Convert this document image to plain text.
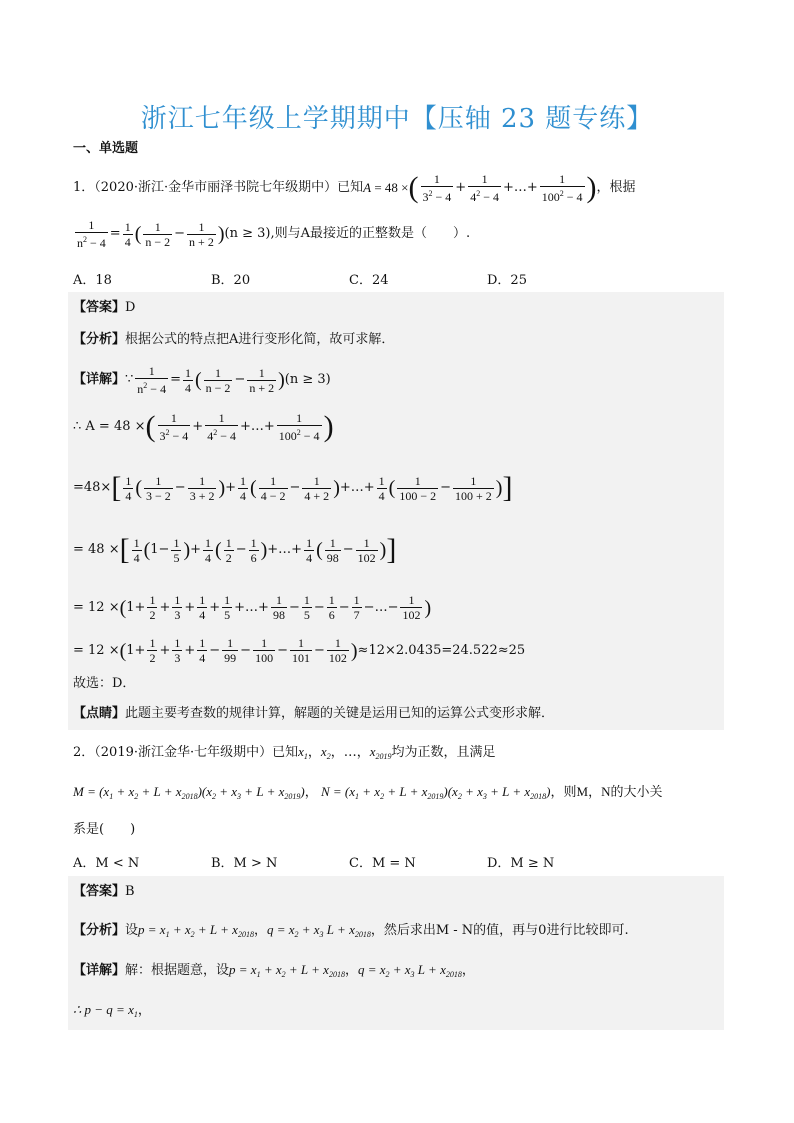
浙江七年级上学期期中【压轴 23 题专练】
一、单选题
1．（2020·浙江·金华市丽泽书院七年级期中）已知 A = 48 × ( $\frac{1}{3^2 - 4} + \frac{1}{4^2 - 4}$ +…+ $\frac{1}{100^2 - 4}$ ) ，根据
$\frac{1}{n^2 - 4} = \frac{1}{4}$ ( $\frac{1}{n - 2} - \frac{1}{n + 2}$ ) (n ≥ 3) ,则与A最接近的正整数是（　　）.
A．18	B．20	C．24	D．25
【答案】D
【分析】根据公式的特点把A进行变形化简，故可求解．
【详解】 ∵ $\frac{1}{n^2 - 4} = \frac{1}{4}$ ( $\frac{1}{n - 2} - \frac{1}{n + 2}$ ) (n ≥ 3)
∴ A = 48 × ( $\frac{1}{3^2 - 4} + \frac{1}{4^2 - 4}$ +…+ $\frac{1}{100^2 - 4}$ )
=48× [ $\frac{1}{4}$ ( $\frac{1}{3 - 2} - \frac{1}{3 + 2}$ ) + $\frac{1}{4}$ ( $\frac{1}{4 - 2} - \frac{1}{4 + 2}$ ) +…+ $\frac{1}{4}$ ( $\frac{1}{100 - 2} - \frac{1}{100 + 2}$ ) ]
= 48 × [ $\frac{1}{4}$ ( $1- \frac{1}{5}$ ) + $\frac{1}{4}$ ( $\frac{1}{2} - \frac{1}{6}$ ) +…+ $\frac{1}{4}$ ( $\frac{1}{98} - \frac{1}{102}$ ) ]
= 12 × ( $1+ \frac{1}{2} + \frac{1}{3} + \frac{1}{4} + \frac{1}{5}$ +…+ $\frac{1}{98} - \frac{1}{5} - \frac{1}{6} - \frac{1}{7}$ −…− $\frac{1}{102}$ )
= 12 × ( $1+ \frac{1}{2} + \frac{1}{3} + \frac{1}{4} - \frac{1}{99} - \frac{1}{100} - \frac{1}{101} - \frac{1}{102}$ ) ≈12×2.0435=24.522≈25
故选：D．
【点睛】此题主要考查数的规律计算，解题的关键是运用已知的运算公式变形求解．
2．（2019·浙江金华·七年级期中）已知$x_1$，$x_2$，…，$x_{2019}$均为正数，且满足
$M = (x_1 + x_2 + L + x_{2018})(x_2 + x_3 + L + x_{2019})$， $N = (x_1 + x_2 + L + x_{2019})(x_2 + x_3 + L + x_{2018})$，则M，N的大小关
系是(　　)
A．M < N	B．M > N	C．M = N	D．M ≥ N
【答案】B
【分析】设$p = x_1 + x_2 + L + x_{2018}$，$q = x_2 + x_3$ $L + x_{2018}$，然后求出M - N的值，再与0进行比较即可.
【详解】解：根据题意，设$p = x_1 + x_2 + L + x_{2018}$，$q = x_2 + x_3$ $L + x_{2018}$，
∴ $p - q = x_1$，
